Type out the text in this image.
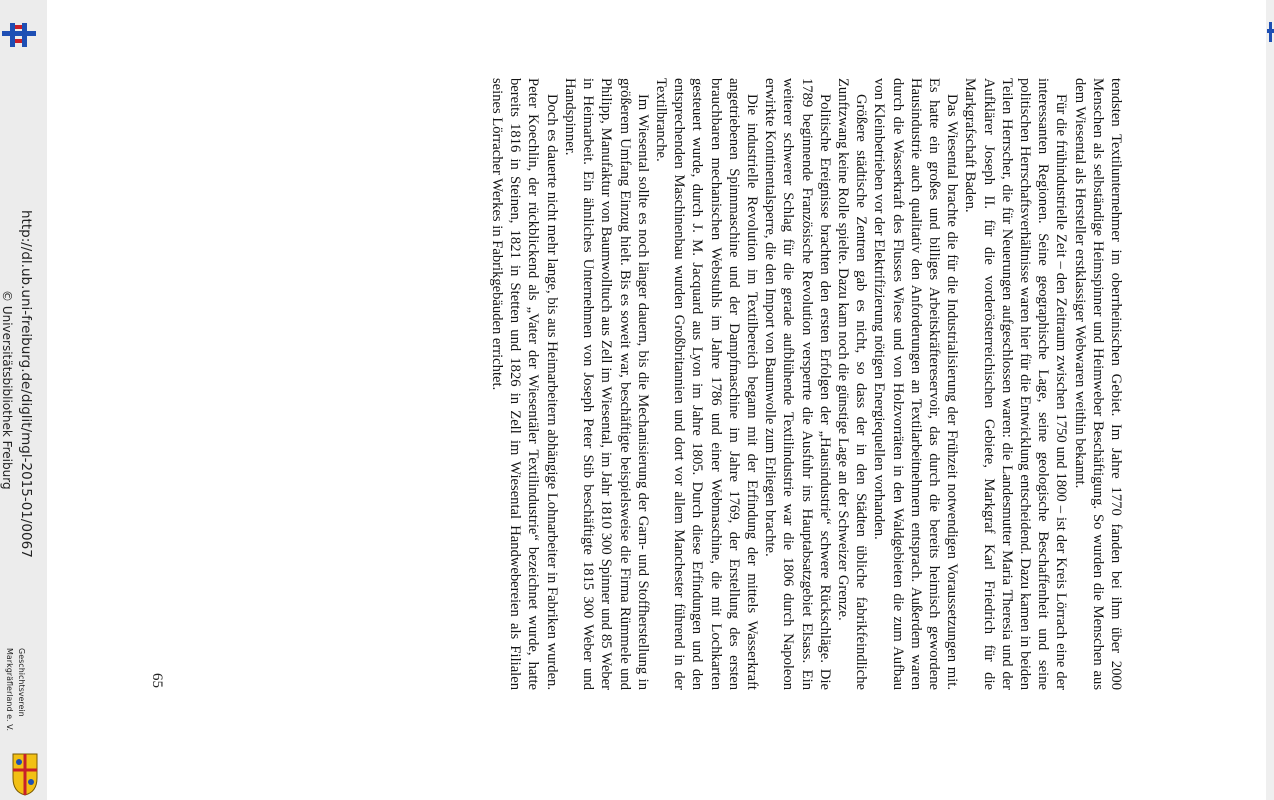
http://dl.ub.uni-freiburg.de/diglit/mgl-2015-01/0067
© Universitätsbibliothek Freiburg
Geschichtsverein
Markgräflerland e. V.	tendsten Textilunternehmer im oberrheinischen Gebiet. Im Jahre 1770 fanden bei ihm über 2000 Menschen als selbständige Heimspinner und Heimweber Beschäftigung. So wurden die Menschen aus dem Wiesental als Hersteller erstklassiger Webwaren weithin bekannt.

Für die frühindustrielle Zeit – den Zeitraum zwischen 1750 und 1800 – ist der Kreis Lörrach eine der interessanten Regionen. Seine geographische Lage, seine geologische Beschaffenheit und seine politischen Herrschaftsverhältnisse waren hier für die Entwicklung entscheidend. Dazu kamen in beiden Teilen Herrscher, die für Neuerungen aufgeschlossen waren: die Landesmutter Maria Theresia und der Aufklärer Joseph II. für die vorderösterreichischen Gebiete, Markgraf Karl Friedrich für die Markgrafschaft Baden.

Das Wiesental brachte die für die Industrialisierung der Frühzeit notwendigen Voraussetzungen mit. Es hatte ein großes und billiges Arbeitskräftereservoir, das durch die bereits heimisch gewordene Hausindustrie auch qualitativ den Anforderungen an Textilarbeitnehmern entsprach. Außerdem waren durch die Wasserkraft des Flusses Wiese und von Holzvorräten in den Waldgebieten die zum Aufbau von Kleinbetrieben vor der Elektrifizierung nötigen Energiequellen vorhanden.

Größere städtische Zentren gab es nicht, so dass der in den Städten übliche fabrikfeindliche Zunftzwang keine Rolle spielte. Dazu kam noch die günstige Lage an der Schweizer Grenze.

Politische Ereignisse brachten den ersten Erfolgen der „Hausindustrie“ schwere Rückschläge. Die 1789 beginnende Französische Revolution versperrte die Ausfuhr ins Hauptabsatzgebiet Elsass. Ein weiterer schwerer Schlag für die gerade aufblühende Textilindustrie war die 1806 durch Napoleon erwirkte Kontinentalsperre, die den Import von Baumwolle zum Erliegen brachte.

Die industrielle Revolution im Textilbereich begann mit der Erfindung der mittels Wasserkraft angetriebenen Spinnmaschine und der Dampfmaschine im Jahre 1769, der Erstellung des ersten brauchbaren mechanischen Webstuhls im Jahre 1786 und einer Webmaschine, die mit Lochkarten gesteuert wurde, durch J. M. Jacquard aus Lyon im Jahre 1805. Durch diese Erfindungen und den entsprechenden Maschinenbau wurden Großbritannien und dort vor allem Manchester führend in der Textilbranche.

Im Wiesental sollte es noch länger dauern, bis die Mechanisierung der Garn- und Stoffherstellung in größerem Umfang Einzug hielt. Bis es soweit war, beschäftigte beispielsweise die Firma Rümmele und Philipp, Manufaktur von Baumwolltuch aus Zell im Wiesental, im Jahr 1810 300 Spinner und 85 Weber in Heimarbeit. Ein ähnliches Unternehmen von Joseph Peter Stib beschäftigte 1815 300 Weber und Handspinner.

Doch es dauerte nicht mehr lange, bis aus Heimarbeitern abhängige Lohnarbeiter in Fabriken wurden. Peter Koechlin, der rückblickend als „Vater der Wiesentäler Textilindustrie“ bezeichnet wurde, hatte bereits 1816 in Steinen, 1821 in Stetten und 1826 in Zell im Wiesental Handwebereien als Filialen seines Lörracher Werkes in Fabrikgebäuden errichtet.

65
